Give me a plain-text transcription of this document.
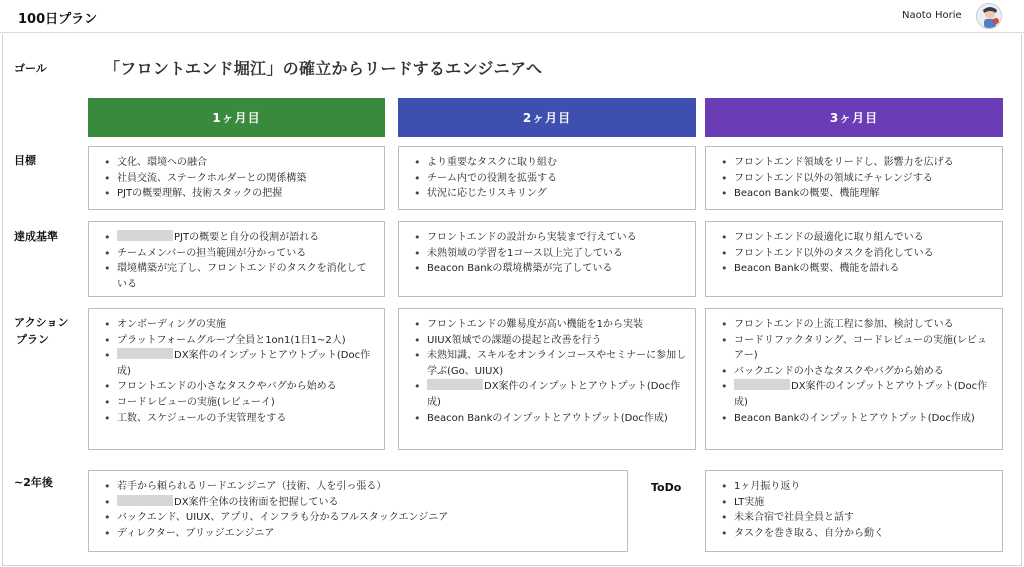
100日プラン	Naoto Horie
ゴール
目標
達成基準
アクション
プラン
~2年後
「フロントエンド堀江」の確立からリードするエンジニアへ
1ヶ月目	2ヶ月目	3ヶ月目
• 文化、環境への融合
• 社員交流、ステークホルダーとの関係構築
• PJTの概要理解、技術スタックの把握
• より重要なタスクに取り組む
• チーム内での役割を拡張する
• 状況に応じたリスキリング
• フロントエンド領域をリードし、影響力を広げる
• フロントエンド以外の領域にチャレンジする
• Beacon Bankの概要、機能理解
• PJTの概要と自分の役割が語れる
• チームメンバーの担当範囲が分かっている
• 環境構築が完了し、フロントエンドのタスクを消化している
• フロントエンドの設計から実装まで行えている
• 未熟領域の学習を1コース以上完了している
• Beacon Bankの環境構築が完了している
• フロントエンドの最適化に取り組んでいる
• フロントエンド以外のタスクを消化している
• Beacon Bankの概要、機能を語れる
• オンボーディングの実施
• プラットフォームグループ全員と1on1(1日1~2人)
• DX案件のインプットとアウトプット(Doc作成)
• フロントエンドの小さなタスクやバグから始める
• コードレビューの実施(レビューイ)
• 工数、スケジュールの予実管理をする
• フロントエンドの難易度が高い機能を1から実装
• UIUX領域での課題の提起と改善を行う
• 未熟知識、スキルをオンラインコースやセミナーに参加し学ぶ(Go、UIUX)
• DX案件のインプットとアウトプット(Doc作成)
• Beacon Bankのインプットとアウトプット(Doc作成)
• フロントエンドの上流工程に参加、検討している
• コードリファクタリング、コードレビューの実施(レビュアー)
• バックエンドの小さなタスクやバグから始める
• DX案件のインプットとアウトプット(Doc作成)
• Beacon Bankのインプットとアウトプット(Doc作成)
• 若手から頼られるリードエンジニア（技術、人を引っ張る）
• DX案件全体の技術面を把握している
• バックエンド、UIUX、アプリ、インフラも分かるフルスタックエンジニア
• ディレクター、ブリッジエンジニア
ToDo
•	1ヶ月振り返り
• LT実施
• 未来合宿で社員全員と話す
• タスクを巻き取る、自分から動く
